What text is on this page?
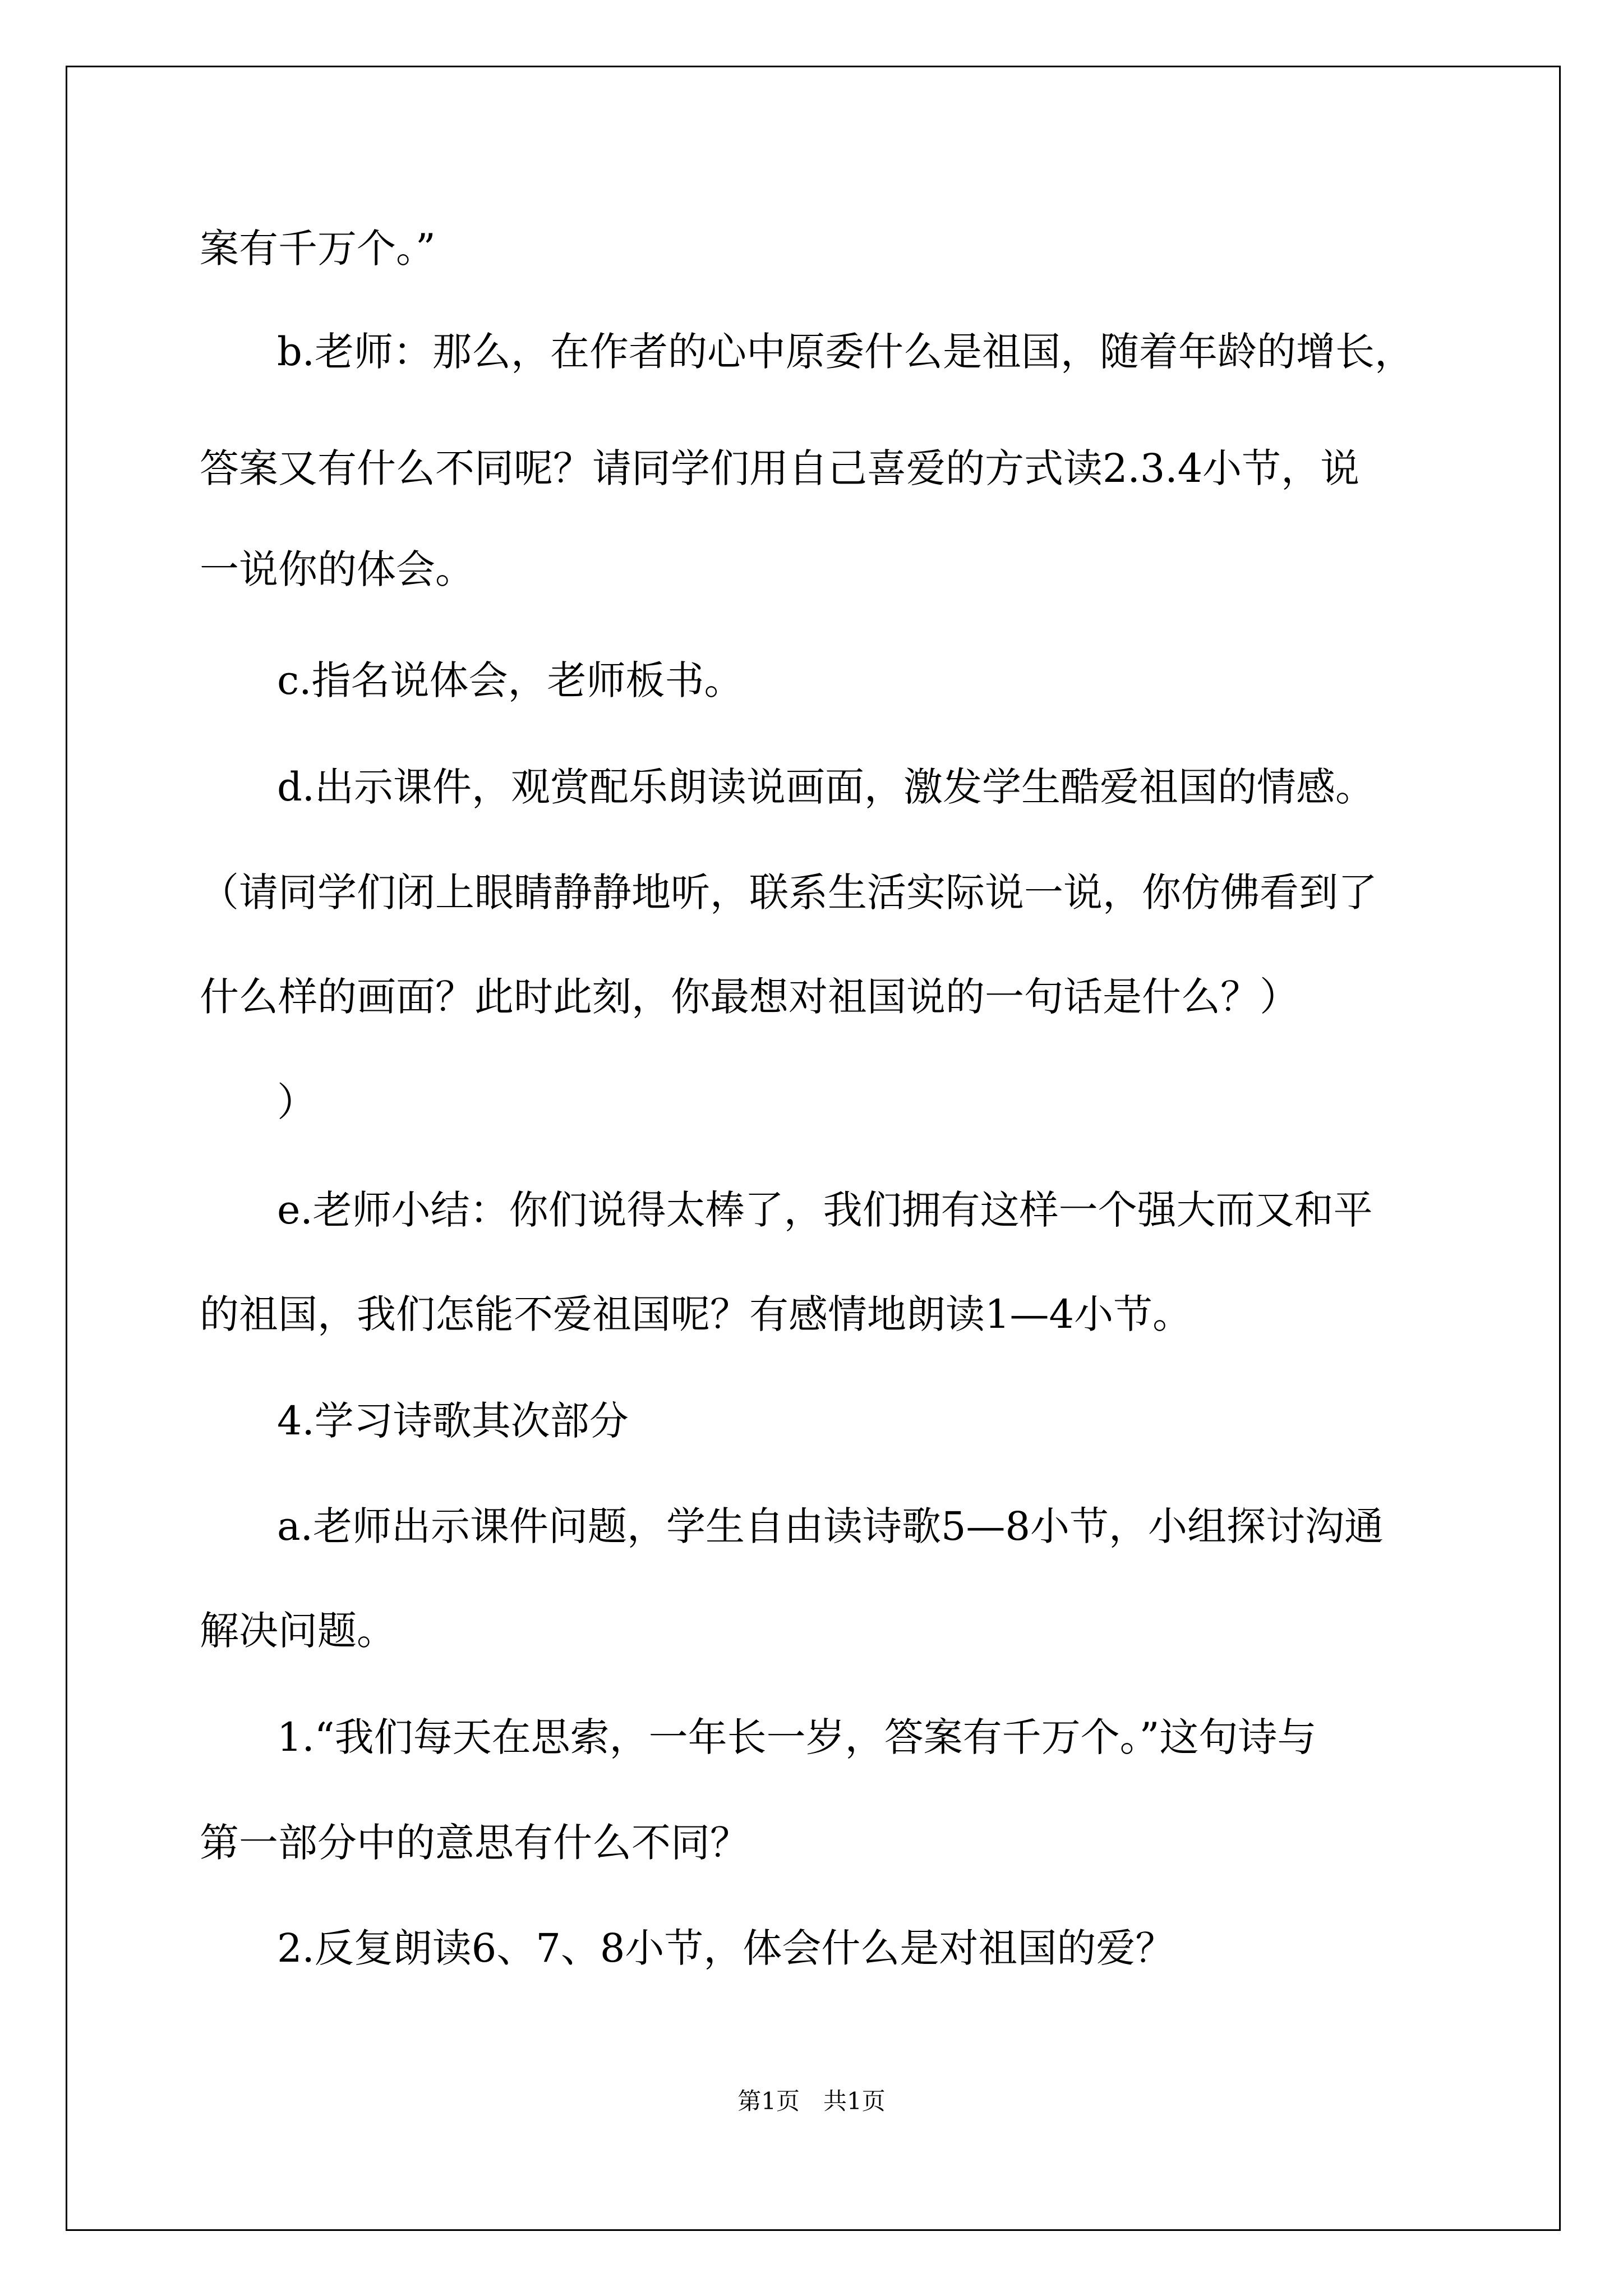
案有千万个。”
b.老师：那么，在作者的心中原委什么是祖国，随着年龄的增长，
答案又有什么不同呢？请同学们用自己喜爱的方式读2.3.4小节，说
一说你的体会。
c.指名说体会，老师板书。
d.出示课件，观赏配乐朗读说画面，激发学生酷爱祖国的情感。
（请同学们闭上眼睛静静地听，联系生活实际说一说，你仿佛看到了
什么样的画面？此时此刻，你最想对祖国说的一句话是什么？）
）
e.老师小结：你们说得太棒了，我们拥有这样一个强大而又和平
的祖国，我们怎能不爱祖国呢？有感情地朗读1—4小节。
4.学习诗歌其次部分
a.老师出示课件问题，学生自由读诗歌5—8小节，小组探讨沟通
解决问题。
1.“我们每天在思索，一年长一岁，答案有千万个。”这句诗与
第一部分中的意思有什么不同？
2.反复朗读6、7、8小节，体会什么是对祖国的爱？
第1页　共1页
